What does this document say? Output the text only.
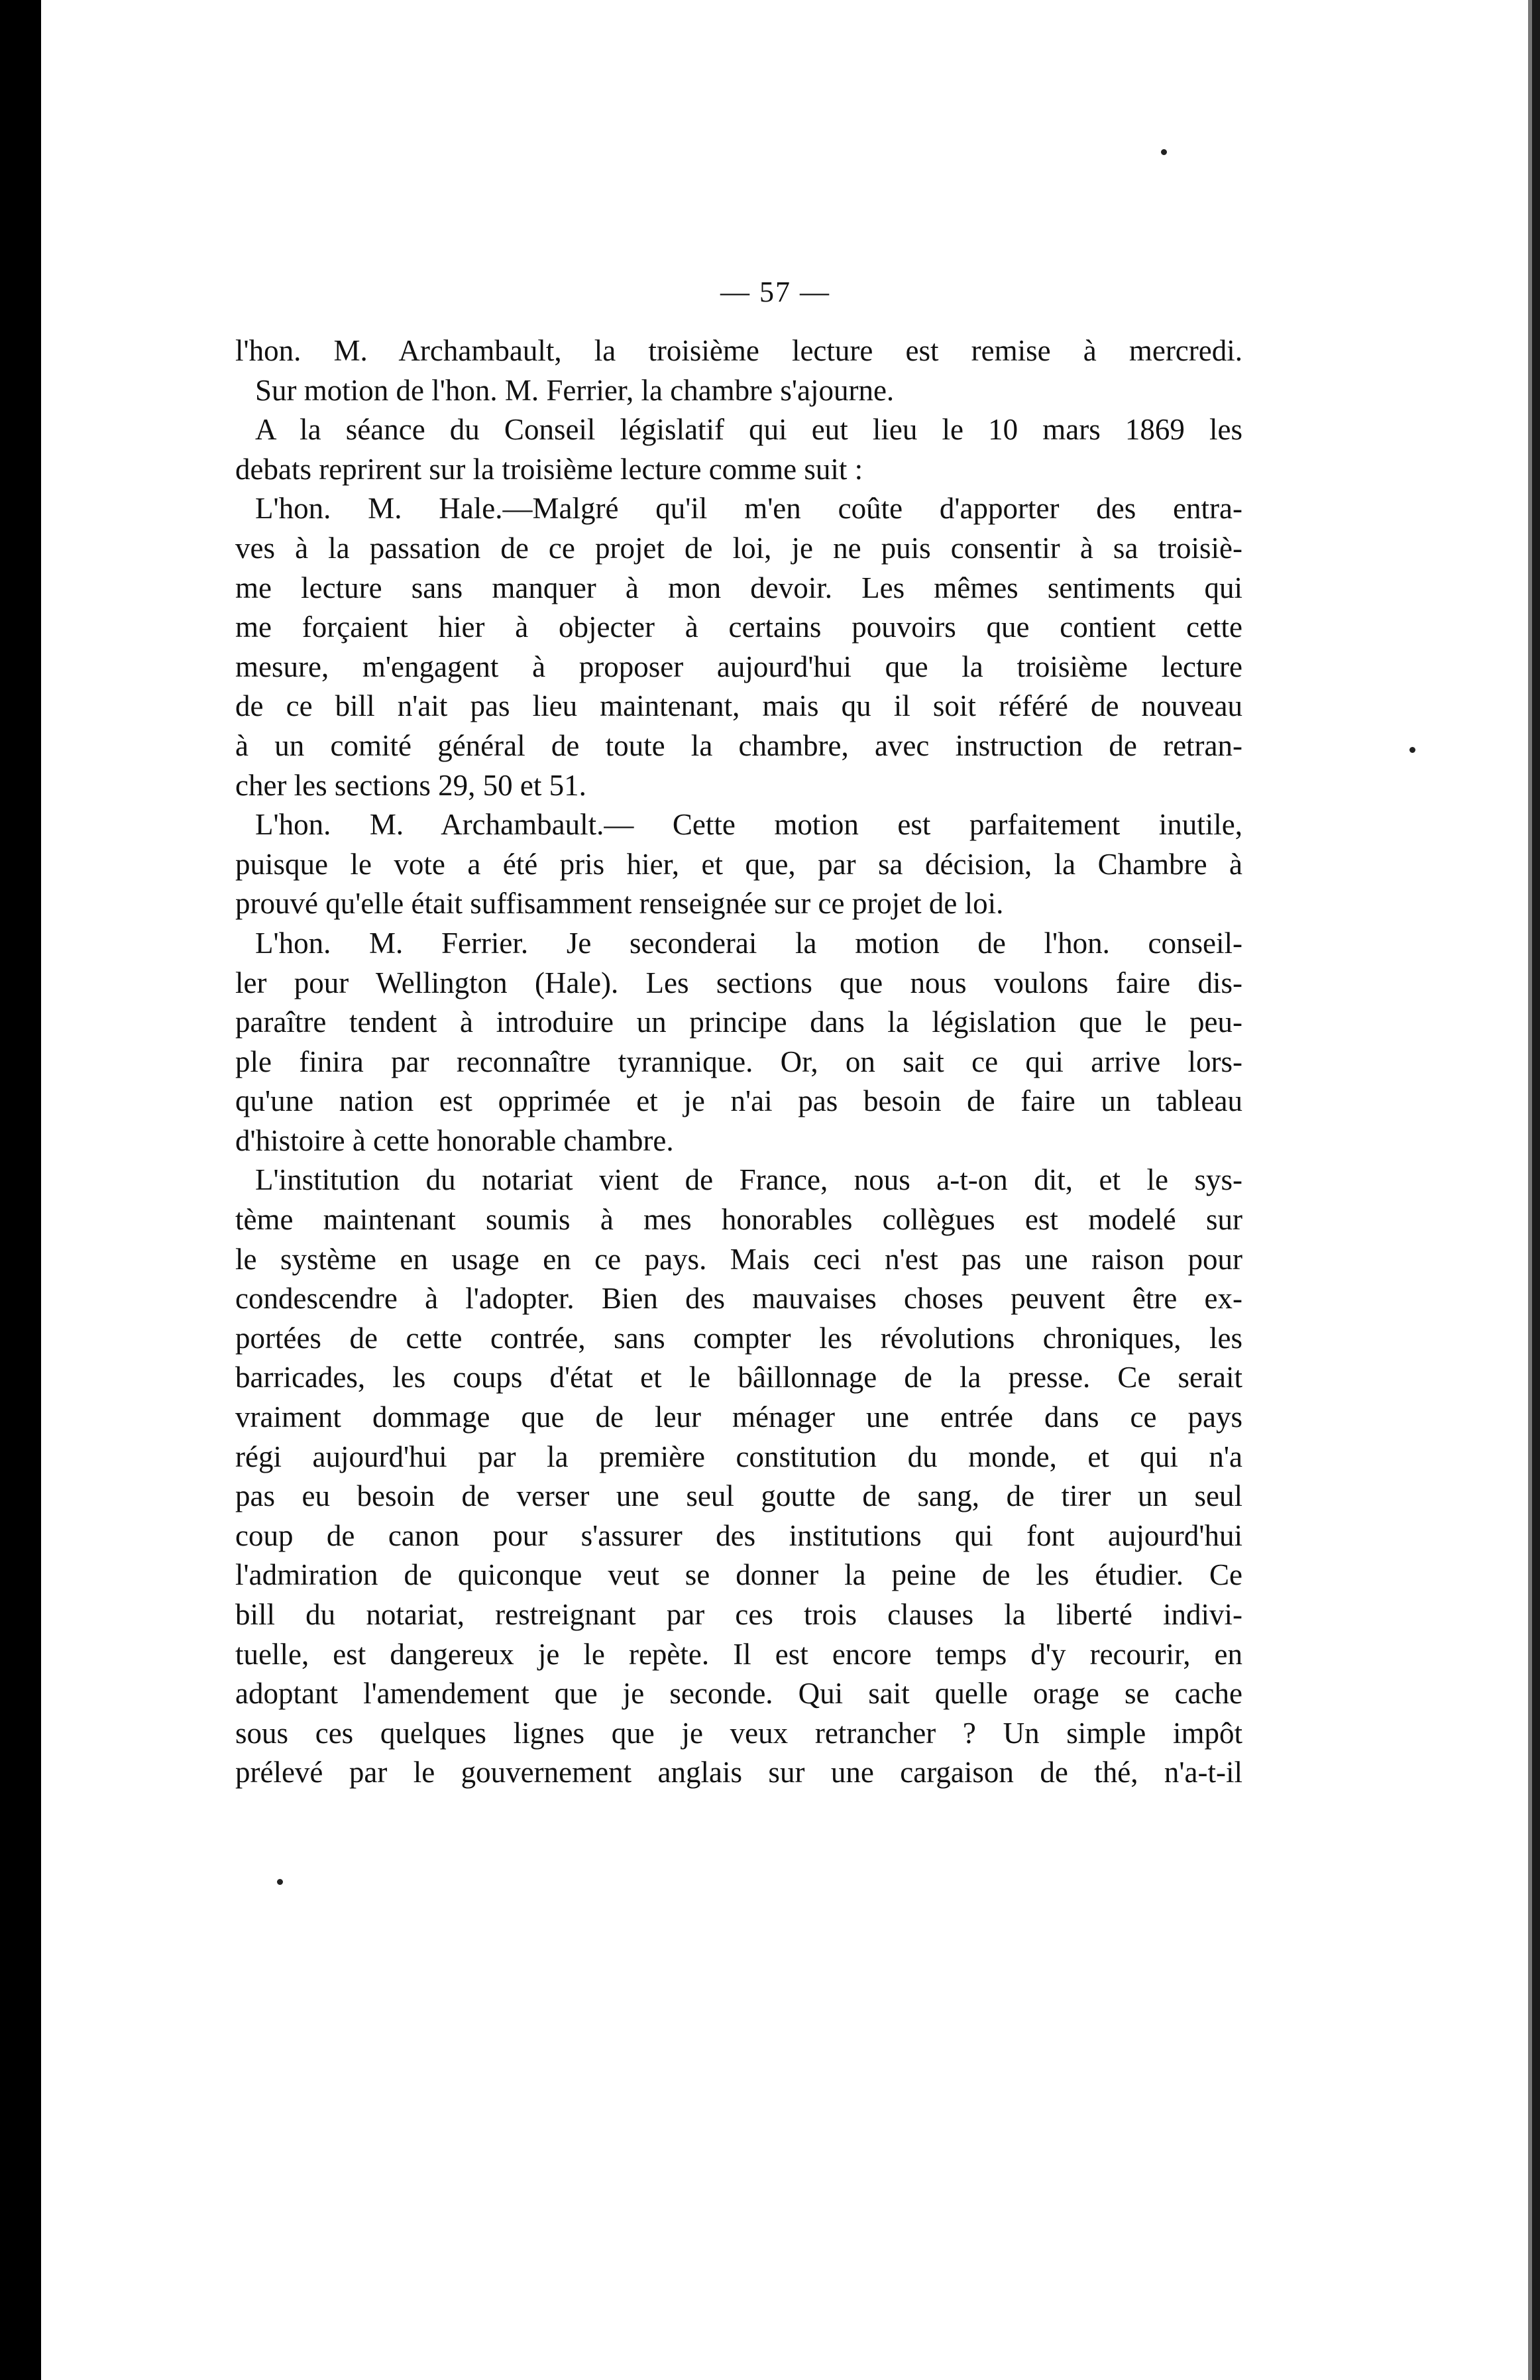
— 57 —
l'hon. M. Archambault, la troisième lecture est remise à mercredi.
Sur motion de l'hon. M. Ferrier, la chambre s'ajourne.
A la séance du Conseil législatif qui eut lieu le 10 mars 1869 les
debats reprirent sur la troisième lecture comme suit :
L'hon. M. Hale.—Malgré qu'il m'en coûte d'apporter des entra-
ves à la passation de ce projet de loi, je ne puis consentir à sa troisiè-
me lecture sans manquer à mon devoir. Les mêmes sentiments qui
me forçaient hier à objecter à certains pouvoirs que contient cette
mesure, m'engagent à proposer aujourd'hui que la troisième lecture
de ce bill n'ait pas lieu maintenant, mais qu il soit référé de nouveau
à un comité général de toute la chambre, avec instruction de retran-
cher les sections 29, 50 et 51.
L'hon. M. Archambault.— Cette motion est parfaitement inutile,
puisque le vote a été pris hier, et que, par sa décision, la Chambre à
prouvé qu'elle était suffisamment renseignée sur ce projet de loi.
L'hon. M. Ferrier. Je seconderai la motion de l'hon. conseil-
ler pour Wellington (Hale). Les sections que nous voulons faire dis-
paraître tendent à introduire un principe dans la législation que le peu-
ple finira par reconnaître tyrannique. Or, on sait ce qui arrive lors-
qu'une nation est opprimée et je n'ai pas besoin de faire un tableau
d'histoire à cette honorable chambre.
L'institution du notariat vient de France, nous a-t-on dit, et le sys-
tème maintenant soumis à mes honorables collègues est modelé sur
le système en usage en ce pays. Mais ceci n'est pas une raison pour
condescendre à l'adopter. Bien des mauvaises choses peuvent être ex-
portées de cette contrée, sans compter les révolutions chroniques, les
barricades, les coups d'état et le bâillonnage de la presse. Ce serait
vraiment dommage que de leur ménager une entrée dans ce pays
régi aujourd'hui par la première constitution du monde, et qui n'a
pas eu besoin de verser une seul goutte de sang, de tirer un seul
coup de canon pour s'assurer des institutions qui font aujourd'hui
l'admiration de quiconque veut se donner la peine de les étudier. Ce
bill du notariat, restreignant par ces trois clauses la liberté indivi-
tuelle, est dangereux je le repète. Il est encore temps d'y recourir, en
adoptant l'amendement que je seconde. Qui sait quelle orage se cache
sous ces quelques lignes que je veux retrancher ? Un simple impôt
prélevé par le gouvernement anglais sur une cargaison de thé, n'a-t-il
